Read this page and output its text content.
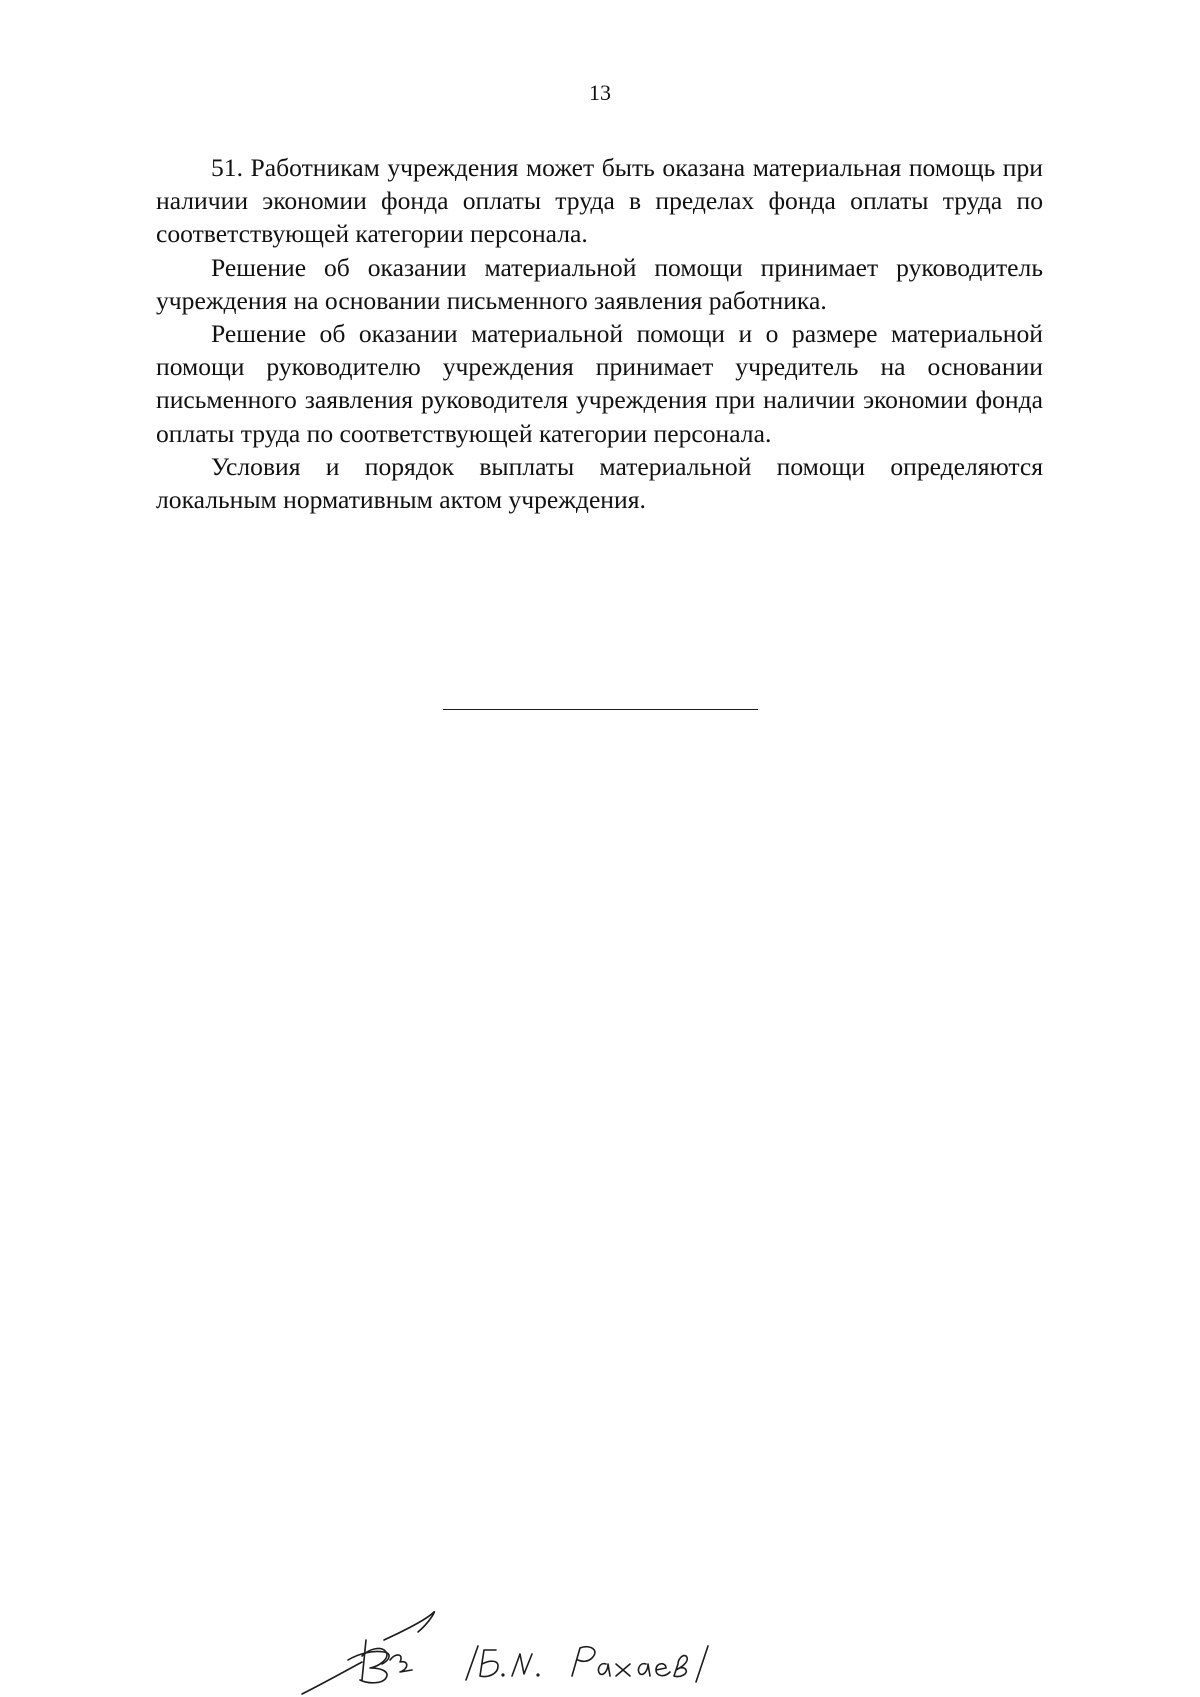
13

51. Работникам учреждения может быть оказана материальная помощь при наличии экономии фонда оплаты труда в пределах фонда оплаты труда по соответствующей категории персонала.

Решение об оказании материальной помощи принимает руководитель учреждения на основании письменного заявления работника.

Решение об оказании материальной помощи и о размере материальной помощи руководителю учреждения принимает учредитель на основании письменного заявления руководителя учреждения при наличии экономии фонда оплаты труда по соответствующей категории персонала.

Условия и порядок выплаты материальной помощи определяются локальным нормативным актом учреждения.
